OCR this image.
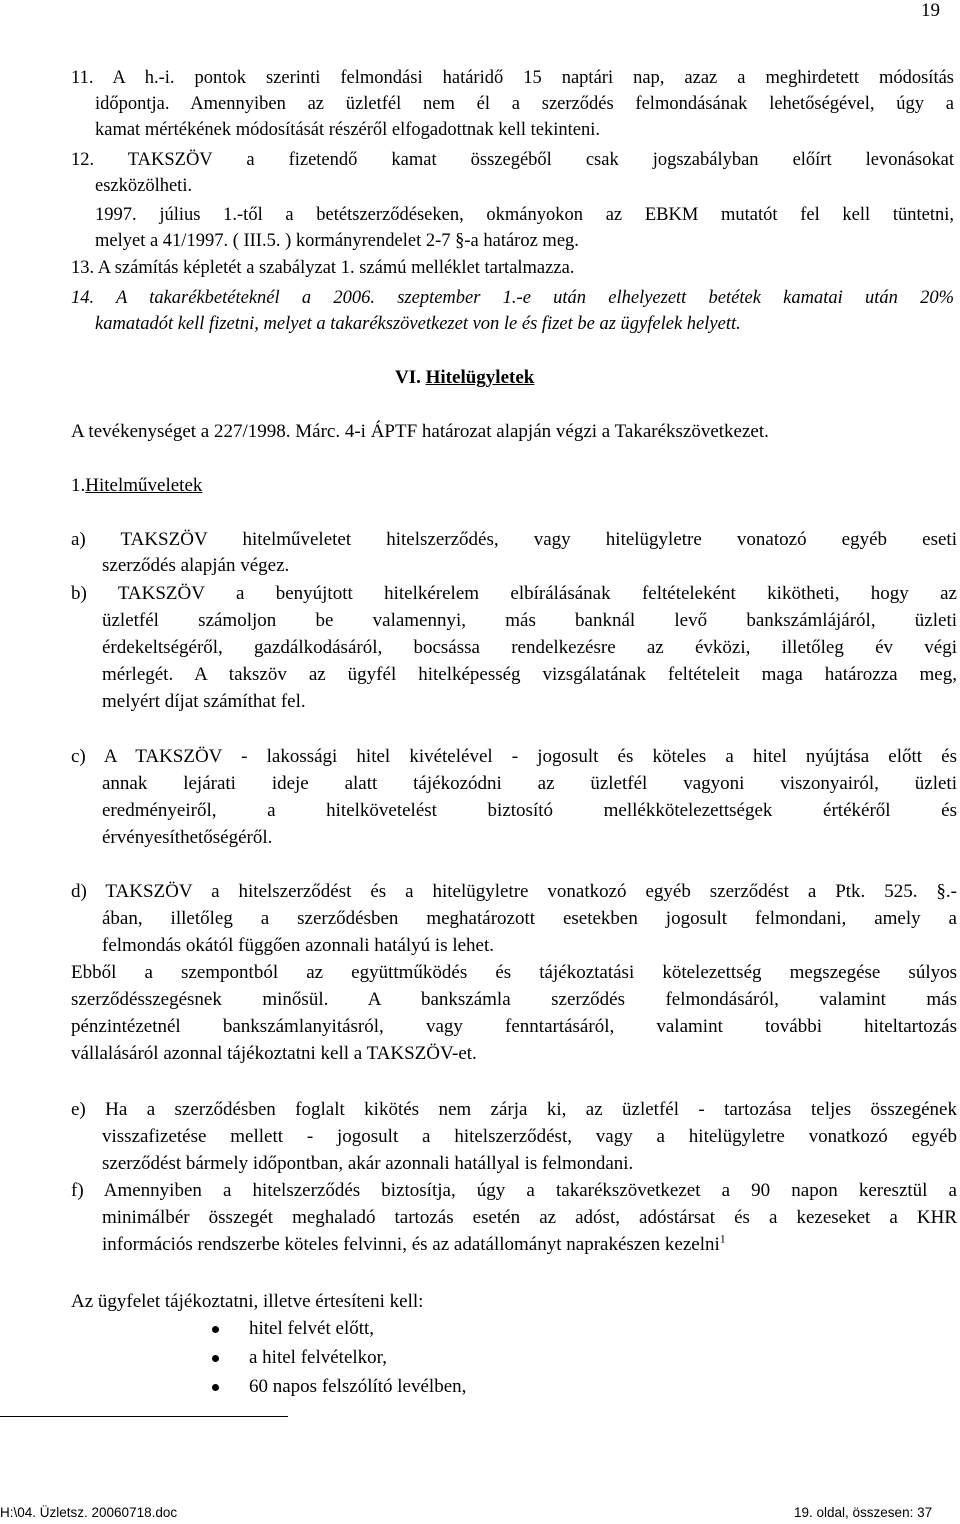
19
11. A h.-i. pontok szerinti felmondási határidő 15 naptári nap, azaz a meghirdetett módosítás
időpontja. Amennyiben az üzletfél nem él a szerződés felmondásának lehetőségével, úgy a
kamat mértékének módosítását részéről elfogadottnak kell tekinteni.
12. TAKSZÖV a fizetendő kamat összegéből csak jogszabályban előírt levonásokat
eszközölheti.
1997. július 1.-től a betétszerződéseken, okmányokon az EBKM mutatót fel kell tüntetni,
melyet a 41/1997. ( III.5. ) kormányrendelet 2-7 §-a határoz meg.
13. A számítás képletét a szabályzat 1. számú melléklet tartalmazza.
14. A takarékbetéteknél a 2006. szeptember 1.-e után elhelyezett betétek kamatai után 20%
kamatadót kell fizetni, melyet a takarékszövetkezet von le és fizet be az ügyfelek helyett.
VI. Hitelügyletek
A tevékenységet a 227/1998. Márc. 4-i ÁPTF határozat alapján végzi a Takarékszövetkezet.
1.Hitelműveletek
a) TAKSZÖV hitelműveletet hitelszerződés, vagy hitelügyletre vonatozó egyéb eseti
szerződés alapján végez.
b) TAKSZÖV a benyújtott hitelkérelem elbírálásának feltételeként kikötheti, hogy az
üzletfél számoljon be valamennyi, más banknál levő bankszámlájáról, üzleti
érdekeltségéről, gazdálkodásáról, bocsássa rendelkezésre az évközi, illetőleg év végi
mérlegét. A takszöv az ügyfél hitelképesség vizsgálatának feltételeit maga határozza meg,
melyért díjat számíthat fel.
c) A TAKSZÖV - lakossági hitel kivételével - jogosult és köteles a hitel nyújtása előtt és
annak lejárati ideje alatt tájékozódni az üzletfél vagyoni viszonyairól, üzleti
eredményeiről, a hitelkövetelést biztosító mellékkötelezettségek értékéről és
érvényesíthetőségéről.
d) TAKSZÖV a hitelszerződést és a hitelügyletre vonatkozó egyéb szerződést a Ptk. 525. §.-
ában, illetőleg a szerződésben meghatározott esetekben jogosult felmondani, amely a
felmondás okától függően azonnali hatályú is lehet.
Ebből a szempontból az együttműködés és tájékoztatási kötelezettség megszegése súlyos
szerződésszegésnek minősül. A bankszámla szerződés felmondásáról, valamint más
pénzintézetnél bankszámlanyitásról, vagy fenntartásáról, valamint további hiteltartozás
vállalásáról azonnal tájékoztatni kell a TAKSZÖV-et.
e) Ha a szerződésben foglalt kikötés nem zárja ki, az üzletfél - tartozása teljes összegének
visszafizetése mellett - jogosult a hitelszerződést, vagy a hitelügyletre vonatkozó egyéb
szerződést bármely időpontban, akár azonnali hatállyal is felmondani.
f) Amennyiben a hitelszerződés biztosítja, úgy a takarékszövetkezet a 90 napon keresztül a
minimálbér összegét meghaladó tartozás esetén az adóst, adóstársat és a kezeseket a KHR
információs rendszerbe köteles felvinni, és az adatállományt naprakészen kezelni$^1$
Az ügyfelet tájékoztatni, illetve értesíteni kell:
hitel felvét előtt,
a hitel felvételkor,
60 napos felszólító levélben,
H:\04. Üzletsz. 20060718.doc	19. oldal, összesen: 37
